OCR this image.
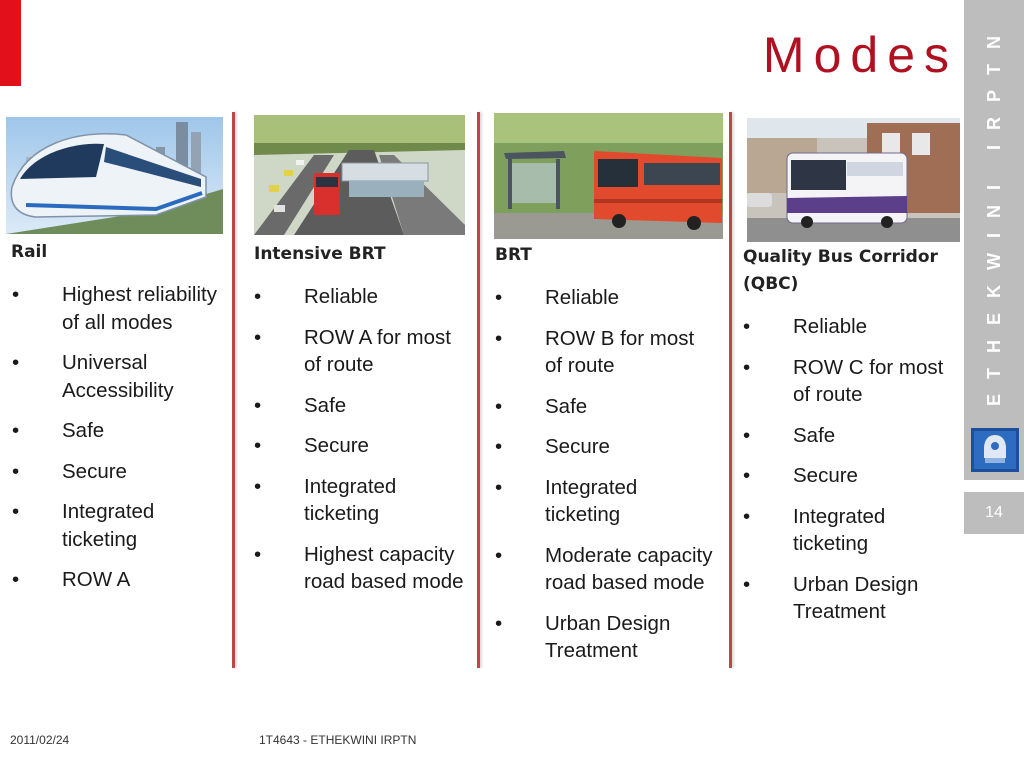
Modes ETHEKWINI IRPTN
14
Rail
• Highest reliability of all modes
• Universal Accessibility
• Safe
• Secure
• Integrated ticketing
• ROW A
Intensive BRT
• Reliable
• ROW A for most of route
• Safe
• Secure
• Integrated ticketing
• Highest capacity road based mode
BRT
• Reliable
• ROW B for most of route
• Safe
• Secure
• Integrated ticketing
• Moderate capacity road based mode
• Urban Design Treatment
Quality Bus Corridor (QBC)
• Reliable
• ROW C for most of route
• Safe
• Secure
• Integrated ticketing
• Urban Design Treatment
2011/02/24	1T4643 - ETHEKWINI IRPTN
